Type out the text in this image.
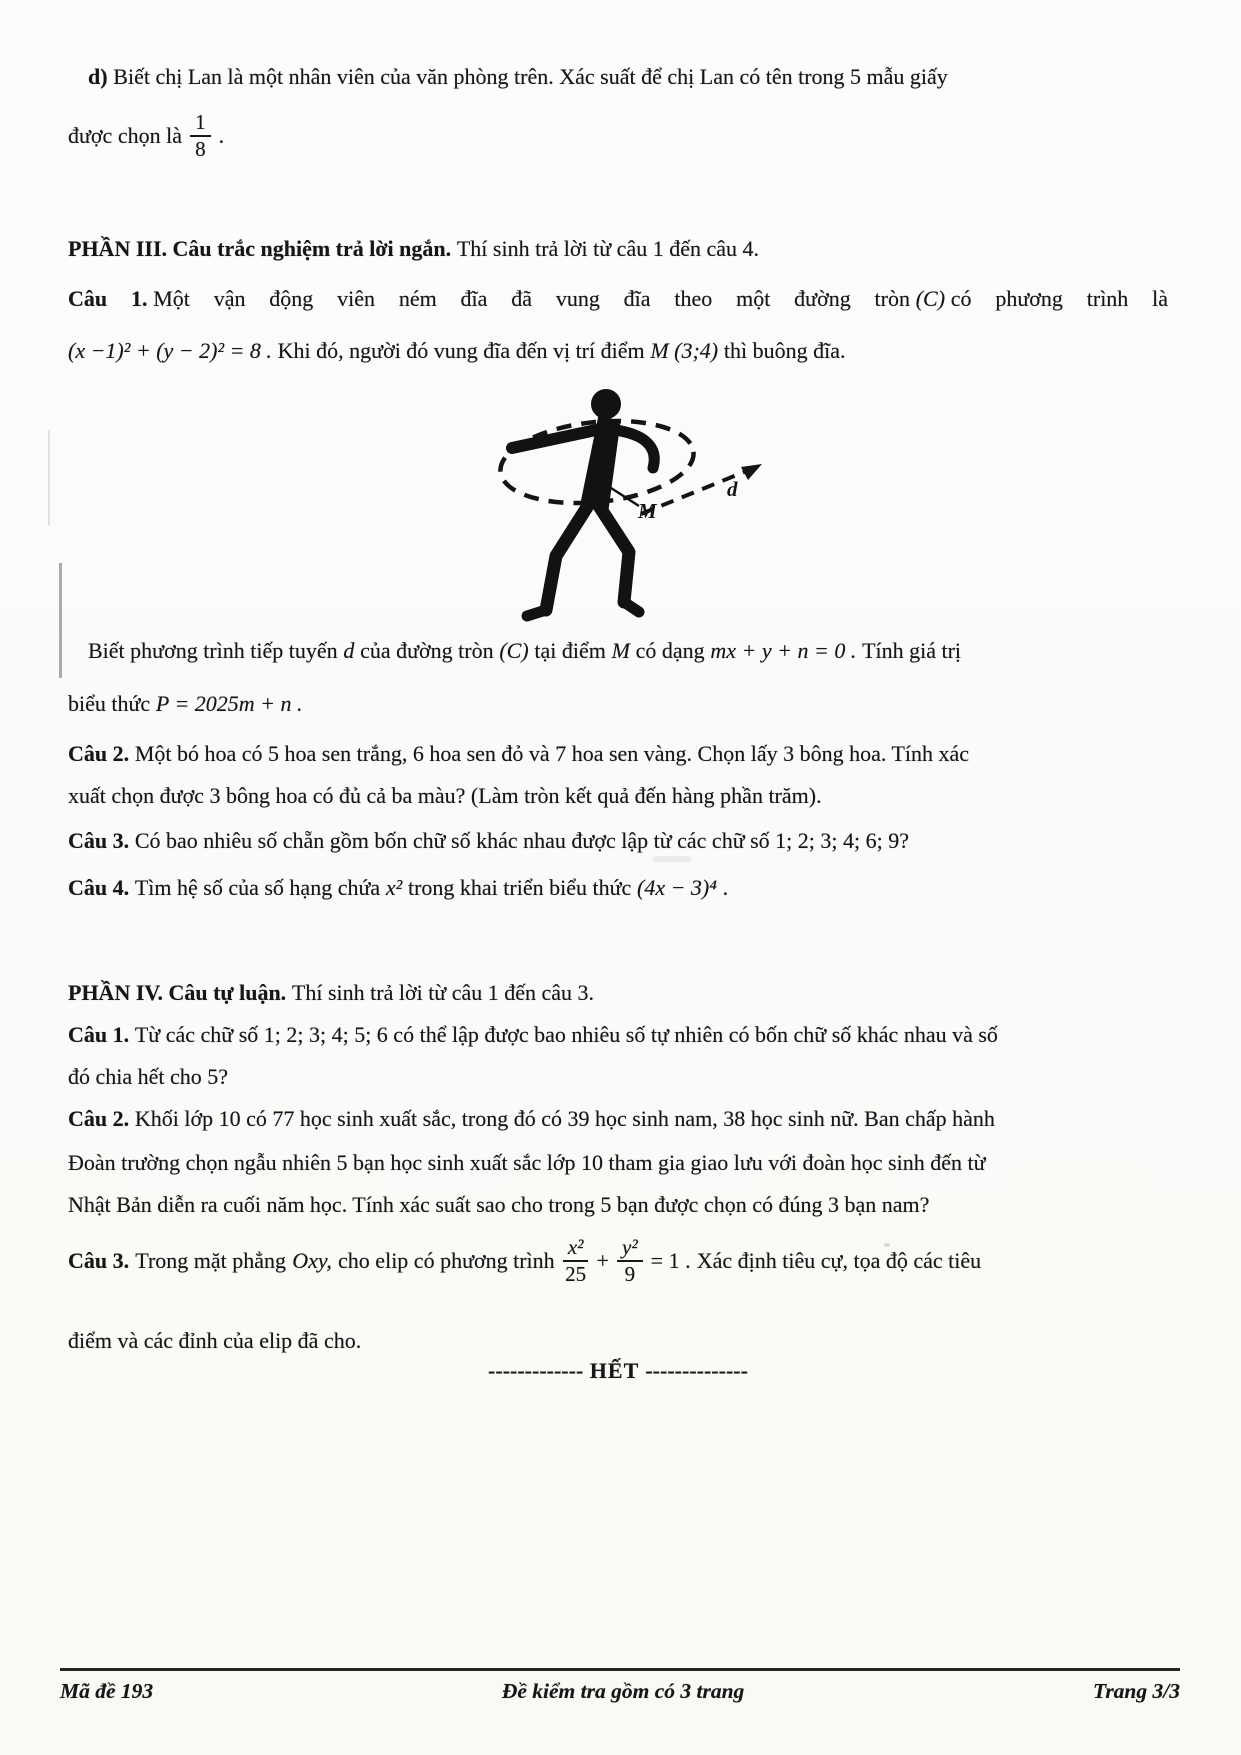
d) Biết chị Lan là một nhân viên của văn phòng trên. Xác suất để chị Lan có tên trong 5 mẫu giấy
được chọn là $\frac{1}{8}$ .
PHẦN III. Câu trắc nghiệm trả lời ngắn. Thí sinh trả lời từ câu 1 đến câu 4.
Câu 1. Một vận động viên ném đĩa đã vung đĩa theo một đường tròn (C) có phương trình là
(x −1)² + (y − 2)² = 8 . Khi đó, người đó vung đĩa đến vị trí điểm M (3;4) thì buông đĩa.
M
d
Biết phương trình tiếp tuyến d của đường tròn (C) tại điểm M có dạng mx + y + n = 0 . Tính giá trị
biểu thức P = 2025m + n .
Câu 2. Một bó hoa có 5 hoa sen trắng, 6 hoa sen đỏ và 7 hoa sen vàng. Chọn lấy 3 bông hoa. Tính xác
xuất chọn được 3 bông hoa có đủ cả ba màu? (Làm tròn kết quả đến hàng phần trăm).
Câu 3. Có bao nhiêu số chẵn gồm bốn chữ số khác nhau được lập từ các chữ số 1; 2; 3; 4; 6; 9?
Câu 4. Tìm hệ số của số hạng chứa x² trong khai triển biểu thức (4x − 3)⁴ .
PHẦN IV. Câu tự luận. Thí sinh trả lời từ câu 1 đến câu 3.
Câu 1. Từ các chữ số 1; 2; 3; 4; 5; 6 có thể lập được bao nhiêu số tự nhiên có bốn chữ số khác nhau và số
đó chia hết cho 5?
Câu 2. Khối lớp 10 có 77 học sinh xuất sắc, trong đó có 39 học sinh nam, 38 học sinh nữ. Ban chấp hành
Đoàn trường chọn ngẫu nhiên 5 bạn học sinh xuất sắc lớp 10 tham gia giao lưu với đoàn học sinh đến từ
Nhật Bản diễn ra cuối năm học. Tính xác suất sao cho trong 5 bạn được chọn có đúng 3 bạn nam?
Câu 3. Trong mặt phẳng Oxy, cho elip có phương trình $\frac{\text{x²}}{25} + \frac{\text{y²}}{9} = 1$ . Xác định tiêu cự, tọa độ các tiêu
điểm và các đỉnh của elip đã cho.
------------- HẾT --------------
Mã đề 193	Đề kiểm tra gồm có 3 trang	Trang 3/3
